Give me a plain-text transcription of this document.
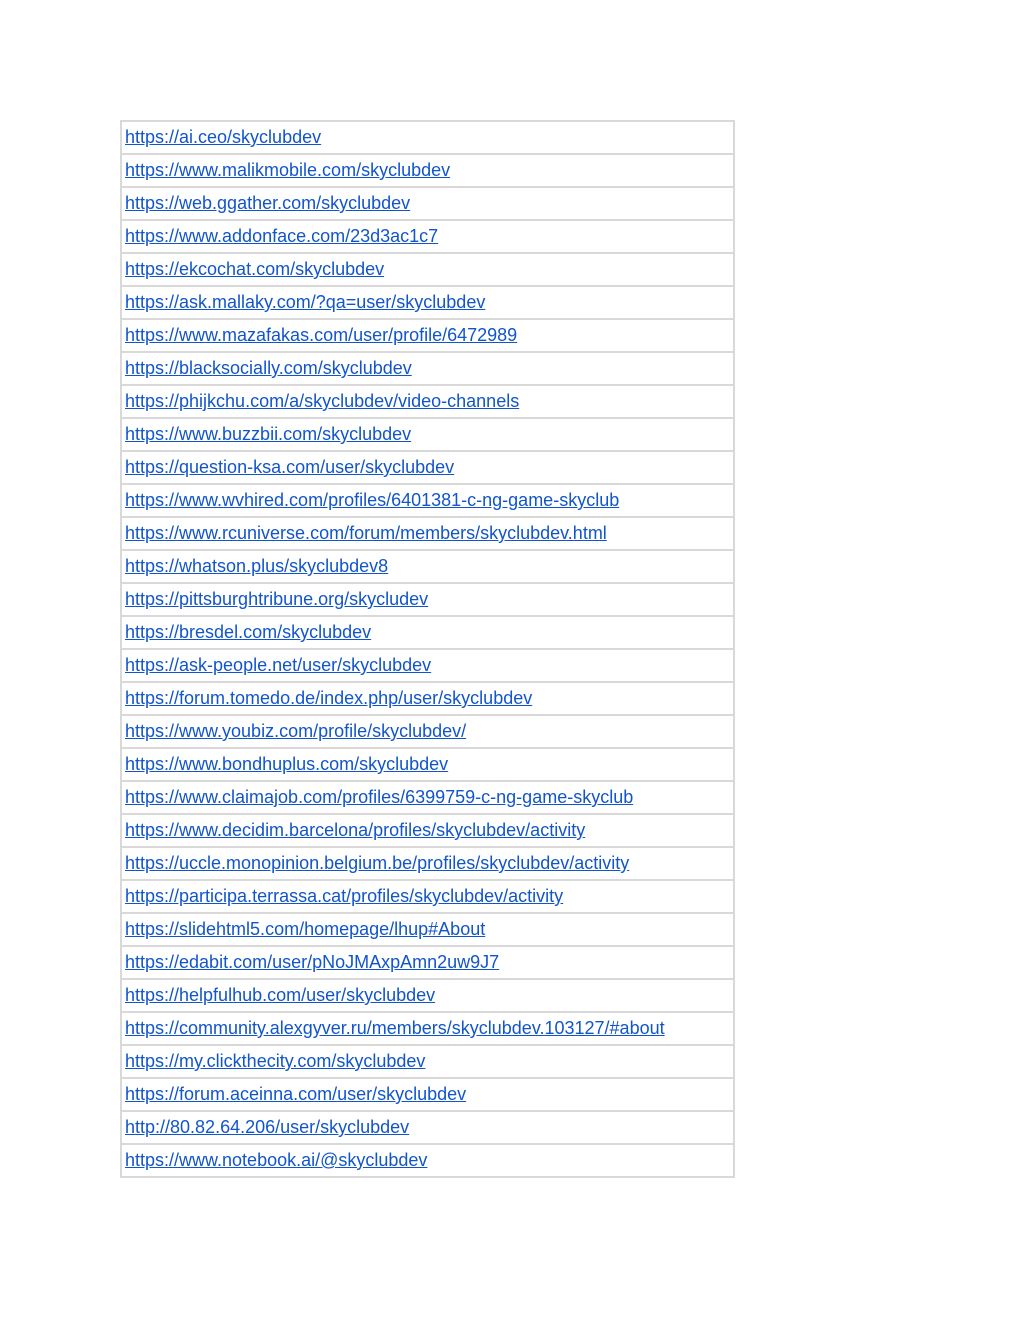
https://ai.ceo/skyclubdev
https://www.malikmobile.com/skyclubdev
https://web.ggather.com/skyclubdev
https://www.addonface.com/23d3ac1c7
https://ekcochat.com/skyclubdev
https://ask.mallaky.com/?qa=user/skyclubdev
https://www.mazafakas.com/user/profile/6472989
https://blacksocially.com/skyclubdev
https://phijkchu.com/a/skyclubdev/video-channels
https://www.buzzbii.com/skyclubdev
https://question-ksa.com/user/skyclubdev
https://www.wvhired.com/profiles/6401381-c-ng-game-skyclub
https://www.rcuniverse.com/forum/members/skyclubdev.html
https://whatson.plus/skyclubdev8
https://pittsburghtribune.org/skycludev
https://bresdel.com/skyclubdev
https://ask-people.net/user/skyclubdev
https://forum.tomedo.de/index.php/user/skyclubdev
https://www.youbiz.com/profile/skyclubdev/
https://www.bondhuplus.com/skyclubdev
https://www.claimajob.com/profiles/6399759-c-ng-game-skyclub
https://www.decidim.barcelona/profiles/skyclubdev/activity
https://uccle.monopinion.belgium.be/profiles/skyclubdev/activity
https://participa.terrassa.cat/profiles/skyclubdev/activity
https://slidehtml5.com/homepage/lhup#About
https://edabit.com/user/pNoJMAxpAmn2uw9J7
https://helpfulhub.com/user/skyclubdev
https://community.alexgyver.ru/members/skyclubdev.103127/#about
https://my.clickthecity.com/skyclubdev
https://forum.aceinna.com/user/skyclubdev
http://80.82.64.206/user/skyclubdev
https://www.notebook.ai/@skyclubdev
